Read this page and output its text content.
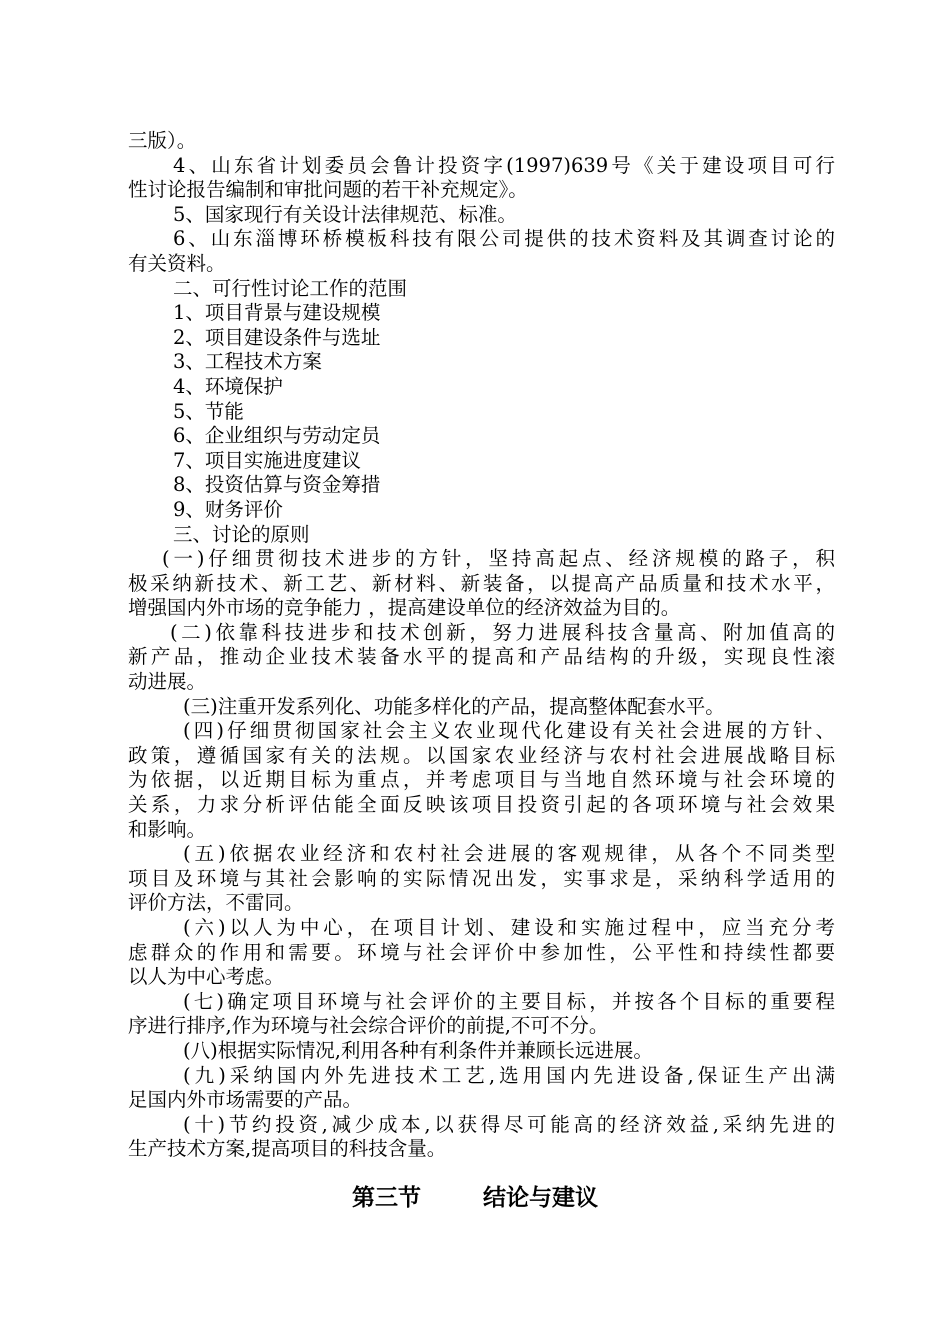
三版）。
4、山东省计划委员会鲁计投资字(1997)639号《关于建设项目可行
性讨论报告编制和审批问题的若干补充规定》。
5、国家现行有关设计法律规范、标准。
6、山东淄博环桥模板科技有限公司提供的技术资料及其调查讨论的
有关资料。
二、可行性讨论工作的范围
1、项目背景与建设规模
2、项目建设条件与选址
3、工程技术方案
4、环境保护
5、节能
6、企业组织与劳动定员
7、项目实施进度建议
8、投资估算与资金筹措
9、财务评价
三、讨论的原则
(一)仔细贯彻技术进步的方针，坚持高起点、经济规模的路子，积
极采纳新技术、新工艺、新材料、新装备，以提高产品质量和技术水平，
增强国内外市场的竞争能力 ，提高建设单位的经济效益为目的。
(二)依靠科技进步和技术创新，努力进展科技含量高、附加值高的
新产品，推动企业技术装备水平的提高和产品结构的升级，实现良性滚
动进展。
(三)注重开发系列化、功能多样化的产品，提高整体配套水平。
(四)仔细贯彻国家社会主义农业现代化建设有关社会进展的方针、
政策，遵循国家有关的法规。以国家农业经济与农村社会进展战略目标
为依据，以近期目标为重点，并考虑项目与当地自然环境与社会环境的
关系，力求分析评估能全面反映该项目投资引起的各项环境与社会效果
和影响。
(五)依据农业经济和农村社会进展的客观规律，从各个不同类型
项目及环境与其社会影响的实际情况出发，实事求是，采纳科学适用的
评价方法，不雷同。
(六)以人为中心，在项目计划、建设和实施过程中，应当充分考
虑群众的作用和需要。环境与社会评价中参加性，公平性和持续性都要
以人为中心考虑。
(七)确定项目环境与社会评价的主要目标，并按各个目标的重要程
序进行排序,作为环境与社会综合评价的前提,不可不分。
(八)根据实际情况,利用各种有利条件并兼顾长远进展。
(九)采纳国内外先进技术工艺,选用国内先进设备,保证生产出满
足国内外市场需要的产品。
(十)节约投资,减少成本,以获得尽可能高的经济效益,采纳先进的
生产技术方案,提高项目的科技含量。
第三节	结论与建议
